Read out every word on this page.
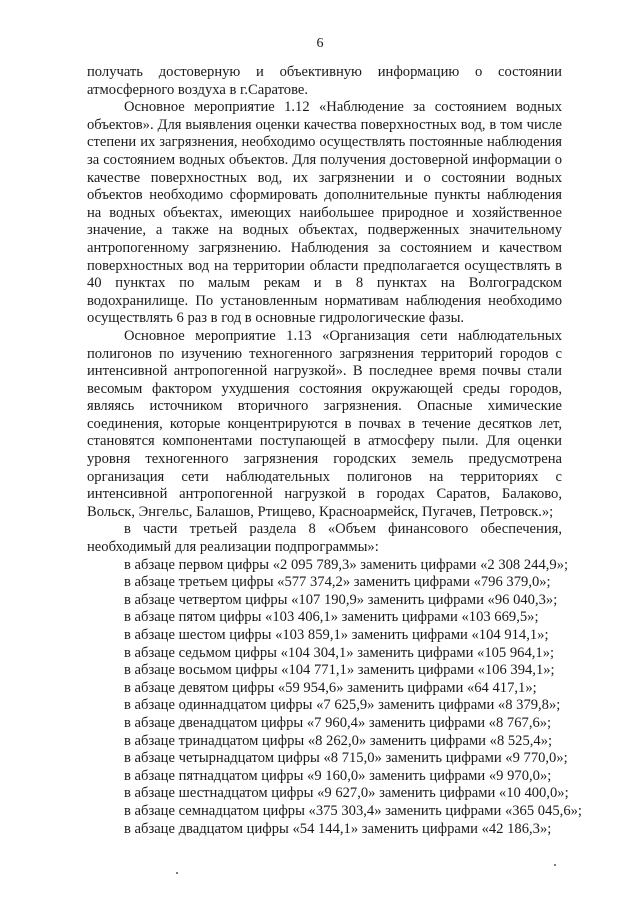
6

получать достоверную и объективную информацию о состоянии атмосферного воздуха в г.Саратове.

Основное мероприятие 1.12 «Наблюдение за состоянием водных объектов». Для выявления оценки качества поверхностных вод, в том числе степени их загрязнения, необходимо осуществлять постоянные наблюдения за состоянием водных объектов. Для получения достоверной информации о качестве поверхностных вод, их загрязнении и о состоянии водных объектов необходимо сформировать дополнительные пункты наблюдения на водных объектах, имеющих наибольшее природное и хозяйственное значение, а также на водных объектах, подверженных значительному антропогенному загрязнению. Наблюдения за состоянием и качеством поверхностных вод на территории области предполагается осуществлять в 40 пунктах по малым рекам и в 8 пунктах на Волгоградском водохранилище. По установленным нормативам наблюдения необходимо осуществлять 6 раз в год в основные гидрологические фазы.

Основное мероприятие 1.13 «Организация сети наблюдательных полигонов по изучению техногенного загрязнения территорий городов с интенсивной антропогенной нагрузкой». В последнее время почвы стали весомым фактором ухудшения состояния окружающей среды городов, являясь источником вторичного загрязнения. Опасные химические соединения, которые концентрируются в почвах в течение десятков лет, становятся компонентами поступающей в атмосферу пыли. Для оценки уровня техногенного загрязнения городских земель предусмотрена организация сети наблюдательных полигонов на территориях с интенсивной антропогенной нагрузкой в городах Саратов, Балаково, Вольск, Энгельс, Балашов, Ртищево, Красноармейск, Пугачев, Петровск.»;

в части третьей раздела 8 «Объем финансового обеспечения, необходимый для реализации подпрограммы»:

в абзаце первом цифры «2 095 789,3» заменить цифрами «2 308 244,9»;
в абзаце третьем цифры «577 374,2» заменить цифрами «796 379,0»;
в абзаце четвертом цифры «107 190,9» заменить цифрами «96 040,3»;
в абзаце пятом цифры «103 406,1» заменить цифрами «103 669,5»;
в абзаце шестом цифры «103 859,1» заменить цифрами «104 914,1»;
в абзаце седьмом цифры «104 304,1» заменить цифрами «105 964,1»;
в абзаце восьмом цифры «104 771,1» заменить цифрами «106 394,1»;
в абзаце девятом цифры «59 954,6» заменить цифрами «64 417,1»;
в абзаце одиннадцатом цифры «7 625,9» заменить цифрами «8 379,8»;
в абзаце двенадцатом цифры «7 960,4» заменить цифрами «8 767,6»;
в абзаце тринадцатом цифры «8 262,0» заменить цифрами «8 525,4»;
в абзаце четырнадцатом цифры «8 715,0» заменить цифрами «9 770,0»;
в абзаце пятнадцатом цифры «9 160,0» заменить цифрами «9 970,0»;
в абзаце шестнадцатом цифры «9 627,0» заменить цифрами «10 400,0»;
в абзаце семнадцатом цифры «375 303,4» заменить цифрами «365 045,6»;
в абзаце двадцатом цифры «54 144,1» заменить цифрами «42 186,3»;
